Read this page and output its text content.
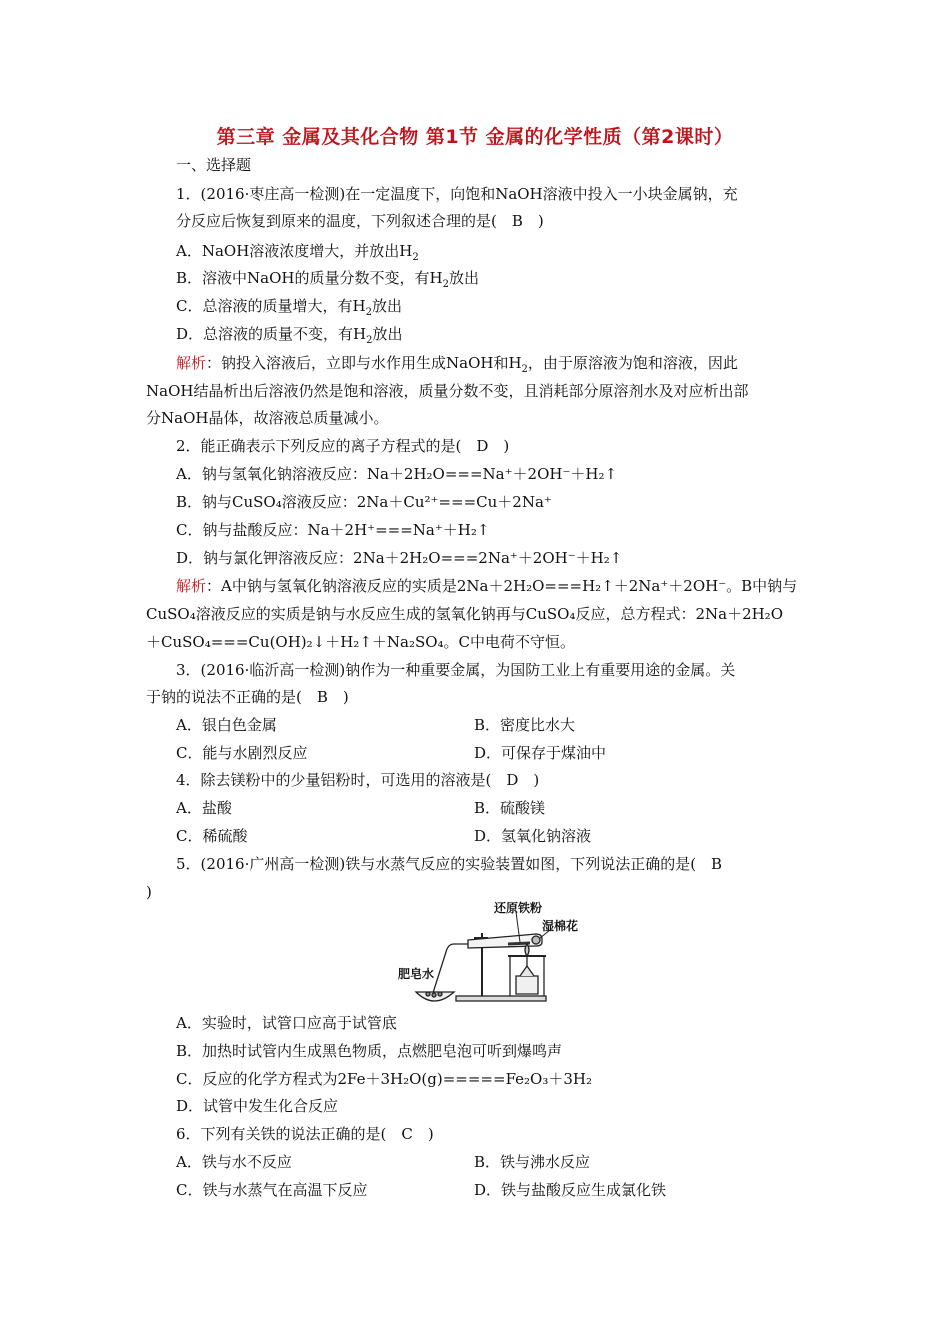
第三章 金属及其化合物 第1节 金属的化学性质（第2课时）
一、选择题
1．(2016·枣庄高一检测)在一定温度下，向饱和NaOH溶液中投入一小块金属钠，充
分反应后恢复到原来的温度，下列叙述合理的是(　B　)
A．NaOH溶液浓度增大，并放出$H_2$
B．溶液中NaOH的质量分数不变，有$H_2$放出
C．总溶液的质量增大，有$H_2$放出
D．总溶液的质量不变，有$H_2$放出
解析：钠投入溶液后，立即与水作用生成NaOH和$H_2$，由于原溶液为饱和溶液，因此
NaOH结晶析出后溶液仍然是饱和溶液，质量分数不变，且消耗部分原溶剂水及对应析出部
分NaOH晶体，故溶液总质量减小。
2．能正确表示下列反应的离子方程式的是(　D　)
A．钠与氢氧化钠溶液反应：Na＋2H₂O===Na⁺＋2OH⁻＋H₂↑
B．钠与CuSO₄溶液反应：2Na＋Cu²⁺===Cu＋2Na⁺
C．钠与盐酸反应：Na＋2H⁺===Na⁺＋H₂↑
D．钠与氯化钾溶液反应：2Na＋2H₂O===2Na⁺＋2OH⁻＋H₂↑
解析：A中钠与氢氧化钠溶液反应的实质是2Na＋2H₂O===H₂↑＋2Na⁺＋2OH⁻。B中钠与
CuSO₄溶液反应的实质是钠与水反应生成的氢氧化钠再与CuSO₄反应，总方程式：2Na＋2H₂O
＋CuSO₄===Cu(OH)₂↓＋H₂↑＋Na₂SO₄。C中电荷不守恒。
3．(2016·临沂高一检测)钠作为一种重要金属，为国防工业上有重要用途的金属。关
于钠的说法不正确的是(　B　)
A．银白色金属	B．密度比水大
C．能与水剧烈反应	D．可保存于煤油中
4．除去镁粉中的少量铝粉时，可选用的溶液是(　D　)
A．盐酸	B．硫酸镁
C．稀硫酸	D．氢氧化钠溶液
5．(2016·广州高一检测)铁与水蒸气反应的实验装置如图，下列说法正确的是(　B
)
还原铁粉
湿棉花
肥皂水
A．实验时，试管口应高于试管底
B．加热时试管内生成黑色物质，点燃肥皂泡可听到爆鸣声
C．反应的化学方程式为2Fe＋3H₂O(g)=====Fe₂O₃＋3H₂
D．试管中发生化合反应
6．下列有关铁的说法正确的是(　C　)
A．铁与水不反应	B．铁与沸水反应
C．铁与水蒸气在高温下反应	D．铁与盐酸反应生成氯化铁
